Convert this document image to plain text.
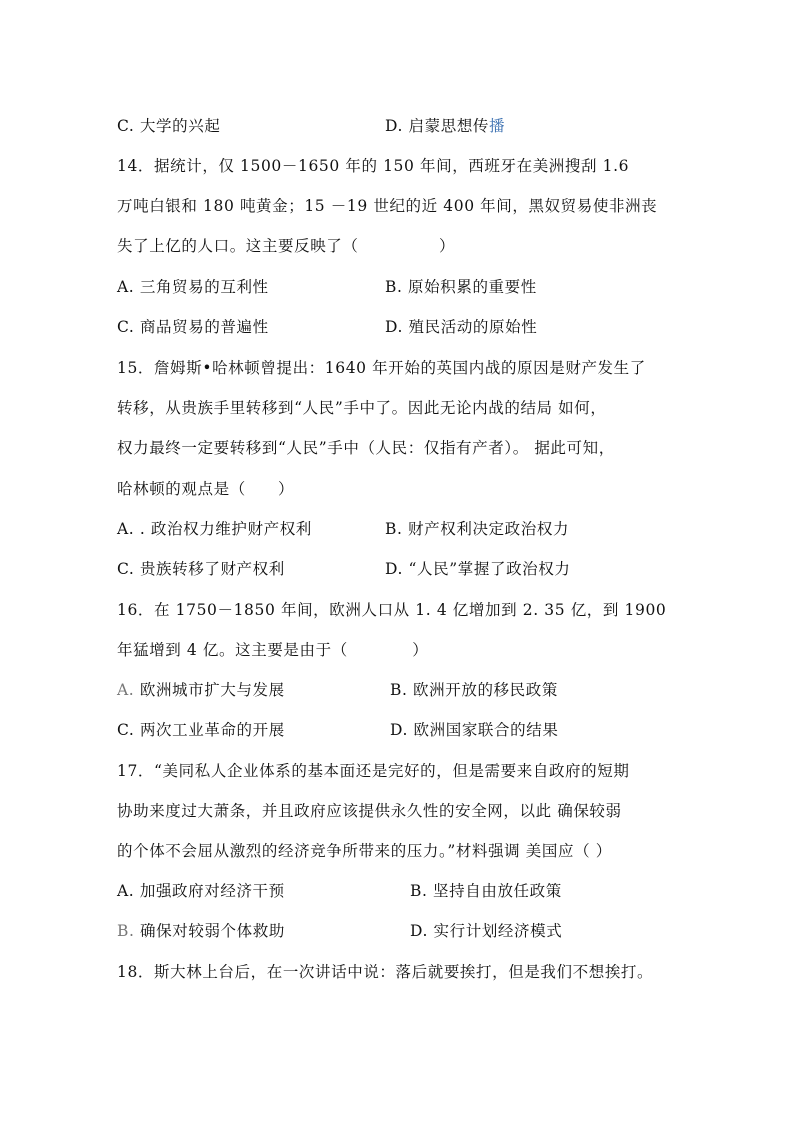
C. 大学的兴起	D. 启蒙思想传播
14．据统计，仅 1500－1650 年的 150 年间，西班牙在美洲搜刮 1.6
万吨白银和 180 吨黄金；15 －19 世纪的近 400 年间，黑奴贸易使非洲丧
失了上亿的人口。这主要反映了（　　　　　）
A. 三角贸易的互利性	B. 原始积累的重要性
C. 商品贸易的普遍性	D. 殖民活动的原始性
15．詹姆斯•哈林顿曾提出：1640 年开始的英国内战的原因是财产发生了
转移，从贵族手里转移到“人民”手中了。因此无论内战的结局 如何，
权力最终一定要转移到“人民”手中（人民：仅指有产者）。 据此可知，
哈林顿的观点是（　　）
A. . 政治权力维护财产权利	B. 财产权利决定政治权力
C. 贵族转移了财产权利	D. “人民”掌握了政治权力
16．在 1750－1850 年间，欧洲人口从 1. 4 亿增加到 2. 35 亿，到 1900
年猛增到 4 亿。这主要是由于（　　　　）
A. 欧洲城市扩大与发展	B. 欧洲开放的移民政策
C. 两次工业革命的开展	D. 欧洲国家联合的结果
17．“美同私人企业体系的基本面还是完好的，但是需要来自政府的短期
协助来度过大萧条，并且政府应该提供永久性的安全网，以此 确保较弱
的个体不会屈从激烈的经济竞争所带来的压力。”材料强调 美国应（ ）
A. 加强政府对经济干预	B. 坚持自由放任政策
B. 确保对较弱个体救助	D. 实行计划经济模式
18．斯大林上台后，在一次讲话中说：落后就要挨打，但是我们不想挨打。
